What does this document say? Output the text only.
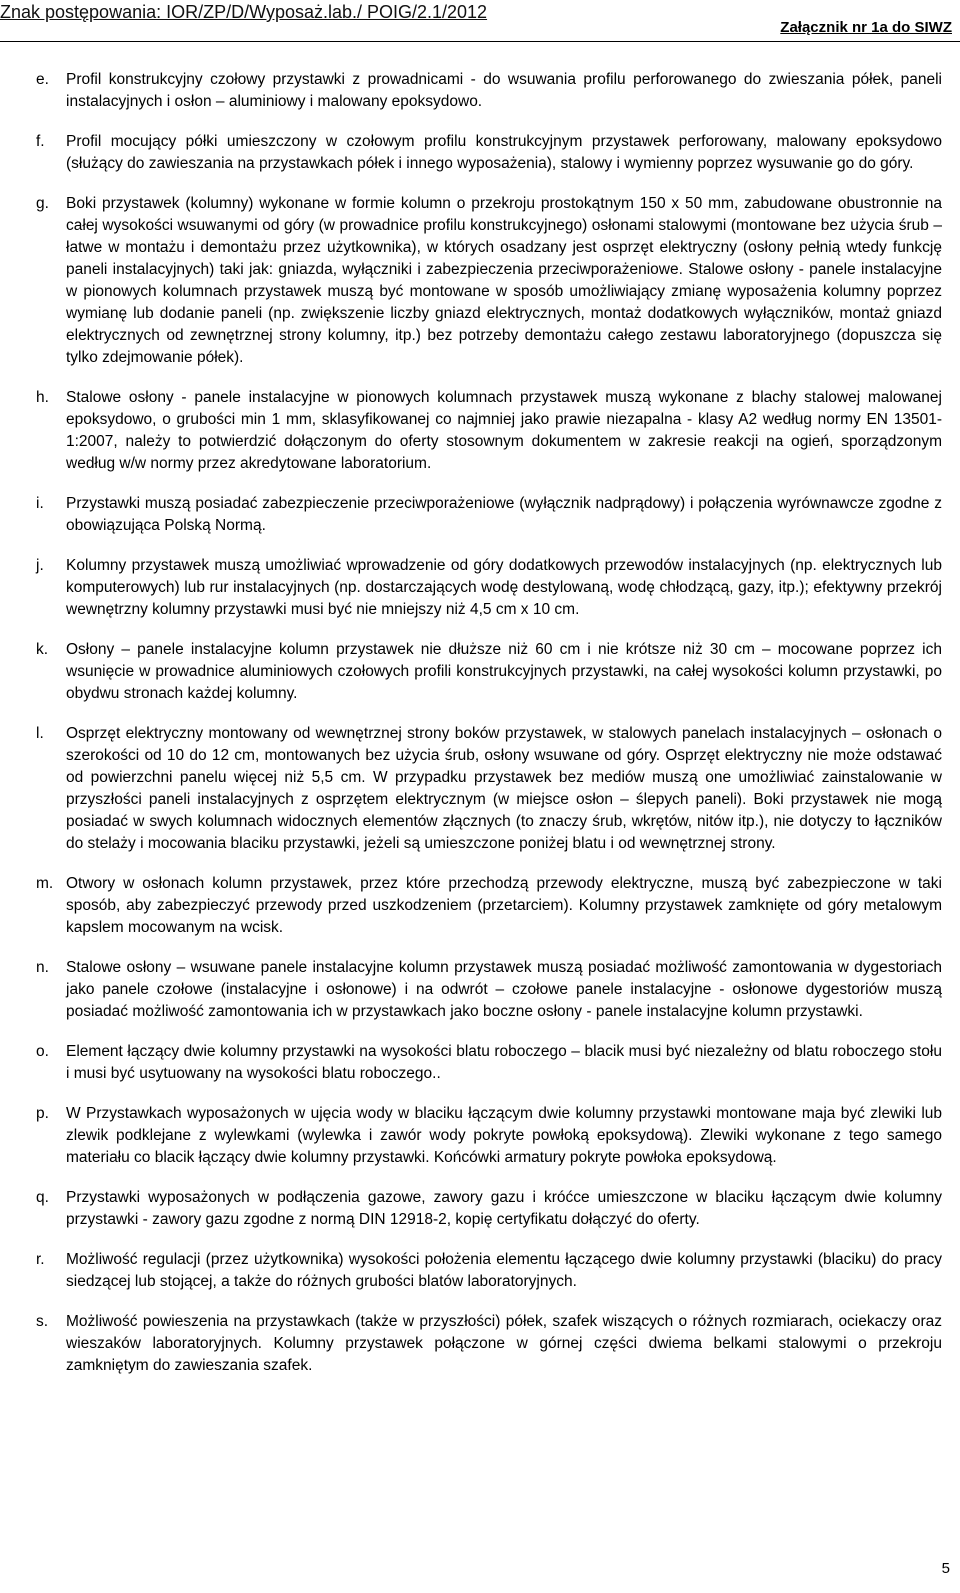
Znak postępowania: IOR/ZP/D/Wyposaż.lab./ POIG/2.1/2012
Załącznik nr 1a do SIWZ
e.	Profil konstrukcyjny czołowy przystawki z prowadnicami - do wsuwania profilu perforowanego do zwieszania półek, paneli instalacyjnych i osłon – aluminiowy i malowany epoksydowo.
f.	Profil mocujący półki umieszczony w czołowym profilu konstrukcyjnym przystawek perforowany, malowany epoksydowo (służący do zawieszania na przystawkach półek i innego wyposażenia), stalowy i wymienny poprzez wysuwanie go do góry.
g.	Boki przystawek (kolumny) wykonane w formie kolumn o przekroju prostokątnym 150 x 50 mm, zabudowane obustronnie na całej wysokości wsuwanymi od góry (w prowadnice profilu konstrukcyjnego) osłonami stalowymi (montowane bez użycia śrub – łatwe w montażu i demontażu przez użytkownika), w których osadzany jest osprzęt elektryczny (osłony pełnią wtedy funkcję paneli instalacyjnych) taki jak: gniazda, wyłączniki i zabezpieczenia przeciwporażeniowe. Stalowe osłony - panele instalacyjne w pionowych kolumnach przystawek muszą być montowane w sposób umożliwiający zmianę wyposażenia kolumny poprzez wymianę lub dodanie paneli (np. zwiększenie liczby gniazd elektrycznych, montaż dodatkowych wyłączników, montaż gniazd elektrycznych od zewnętrznej strony kolumny, itp.) bez potrzeby demontażu całego zestawu laboratoryjnego (dopuszcza się tylko zdejmowanie półek).
h.	Stalowe osłony - panele instalacyjne w pionowych kolumnach przystawek muszą wykonane z blachy stalowej malowanej epoksydowo, o grubości min 1 mm, sklasyfikowanej co najmniej jako prawie niezapalna - klasy A2 według normy EN 13501-1:2007, należy to potwierdzić dołączonym do oferty stosownym dokumentem w zakresie reakcji na ogień, sporządzonym według w/w normy przez akredytowane laboratorium.
i.	Przystawki muszą posiadać zabezpieczenie przeciwporażeniowe (wyłącznik nadprądowy) i połączenia wyrównawcze zgodne z obowiązująca Polską Normą.
j.	Kolumny przystawek muszą umożliwiać wprowadzenie od góry dodatkowych przewodów instalacyjnych (np. elektrycznych lub komputerowych) lub rur instalacyjnych (np. dostarczających wodę destylowaną, wodę chłodzącą, gazy, itp.); efektywny przekrój wewnętrzny kolumny przystawki musi być nie mniejszy niż 4,5 cm x 10 cm.
k.	Osłony – panele instalacyjne kolumn przystawek nie dłuższe niż 60 cm i nie krótsze niż 30 cm – mocowane poprzez ich wsunięcie w prowadnice aluminiowych czołowych profili konstrukcyjnych przystawki, na całej wysokości kolumn przystawki, po obydwu stronach każdej kolumny.
l.	Osprzęt elektryczny montowany od wewnętrznej strony boków przystawek, w stalowych panelach instalacyjnych – osłonach o szerokości od 10 do 12 cm, montowanych bez użycia śrub, osłony wsuwane od góry. Osprzęt elektryczny nie może odstawać od powierzchni panelu więcej niż 5,5 cm. W przypadku przystawek bez mediów muszą one umożliwiać zainstalowanie w przyszłości paneli instalacyjnych z osprzętem elektrycznym (w miejsce osłon – ślepych paneli). Boki przystawek nie mogą posiadać w swych kolumnach widocznych elementów złącznych (to znaczy śrub, wkrętów, nitów itp.), nie dotyczy to łączników do stelaży i mocowania blaciku przystawki, jeżeli są umieszczone poniżej blatu i od wewnętrznej strony.
m. Otwory w osłonach kolumn przystawek, przez które przechodzą przewody elektryczne, muszą być zabezpieczone w taki sposób, aby zabezpieczyć przewody przed uszkodzeniem (przetarciem). Kolumny przystawek zamknięte od góry metalowym kapslem mocowanym na wcisk.
n.	Stalowe osłony – wsuwane panele instalacyjne kolumn przystawek muszą posiadać możliwość zamontowania w dygestoriach jako panele czołowe (instalacyjne i osłonowe) i na odwrót – czołowe panele instalacyjne - osłonowe dygestoriów muszą posiadać możliwość zamontowania ich w przystawkach jako boczne osłony - panele instalacyjne kolumn przystawki.
o.	Element łączący dwie kolumny przystawki na wysokości blatu roboczego – blacik musi być niezależny od blatu roboczego stołu i musi być usytuowany na wysokości blatu roboczego..
p.	W Przystawkach wyposażonych w ujęcia wody w blaciku łączącym dwie kolumny przystawki montowane maja być zlewiki lub zlewik podklejane z wylewkami (wylewka i zawór wody pokryte powłoką epoksydową). Zlewiki wykonane z tego samego materiału co blacik łączący dwie kolumny przystawki. Końcówki armatury pokryte powłoka epoksydową.
q.	Przystawki wyposażonych w podłączenia gazowe, zawory gazu i króćce umieszczone w blaciku łączącym dwie kolumny przystawki - zawory gazu zgodne z normą DIN 12918-2, kopię certyfikatu dołączyć do oferty.
r.	Możliwość regulacji (przez użytkownika) wysokości położenia elementu łączącego dwie kolumny przystawki (blaciku) do pracy siedzącej lub stojącej, a także do różnych grubości blatów laboratoryjnych.
s.	Możliwość powieszenia na przystawkach (także w przyszłości) półek, szafek wiszących o różnych rozmiarach, ociekaczy oraz wieszaków laboratoryjnych. Kolumny przystawek połączone w górnej części dwiema belkami stalowymi o przekroju zamkniętym do zawieszania szafek.
5
